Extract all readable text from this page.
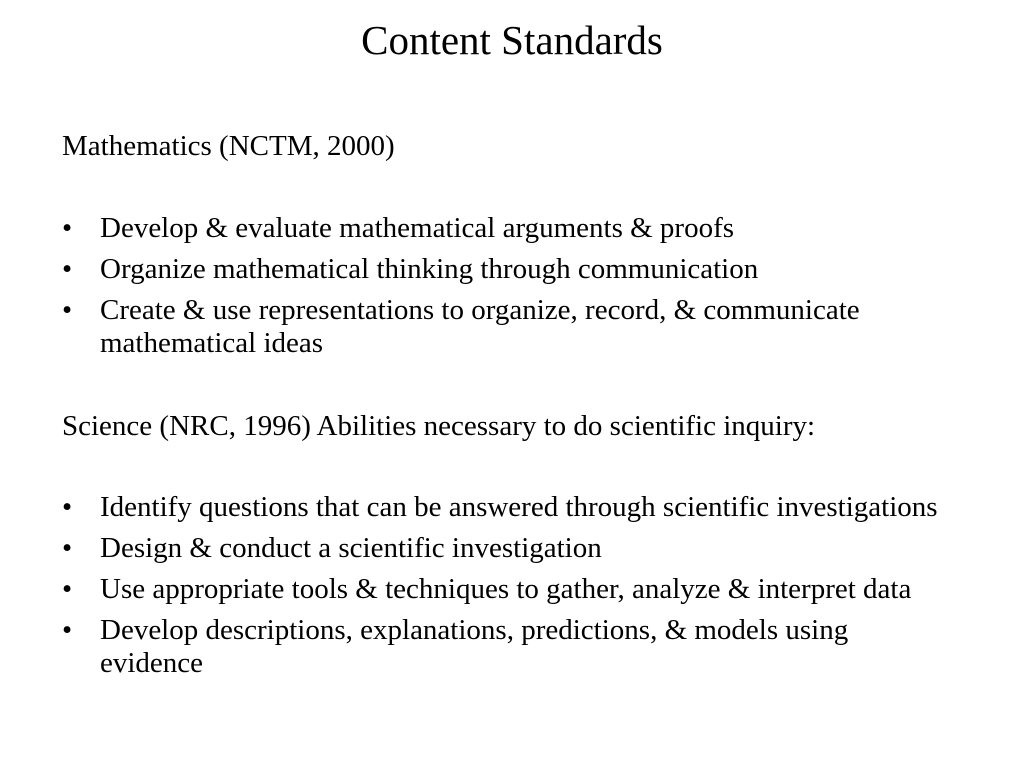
Content Standards
Mathematics (NCTM, 2000)
• Develop & evaluate mathematical arguments & proofs
• Organize mathematical thinking through communication
• Create & use representations to organize, record, & communicate mathematical ideas
Science (NRC, 1996) Abilities necessary to do scientific inquiry:
• Identify questions that can be answered through scientific investigations
• Design & conduct a scientific investigation
• Use appropriate tools & techniques to gather, analyze & interpret data
• Develop descriptions, explanations, predictions, & models using evidence
